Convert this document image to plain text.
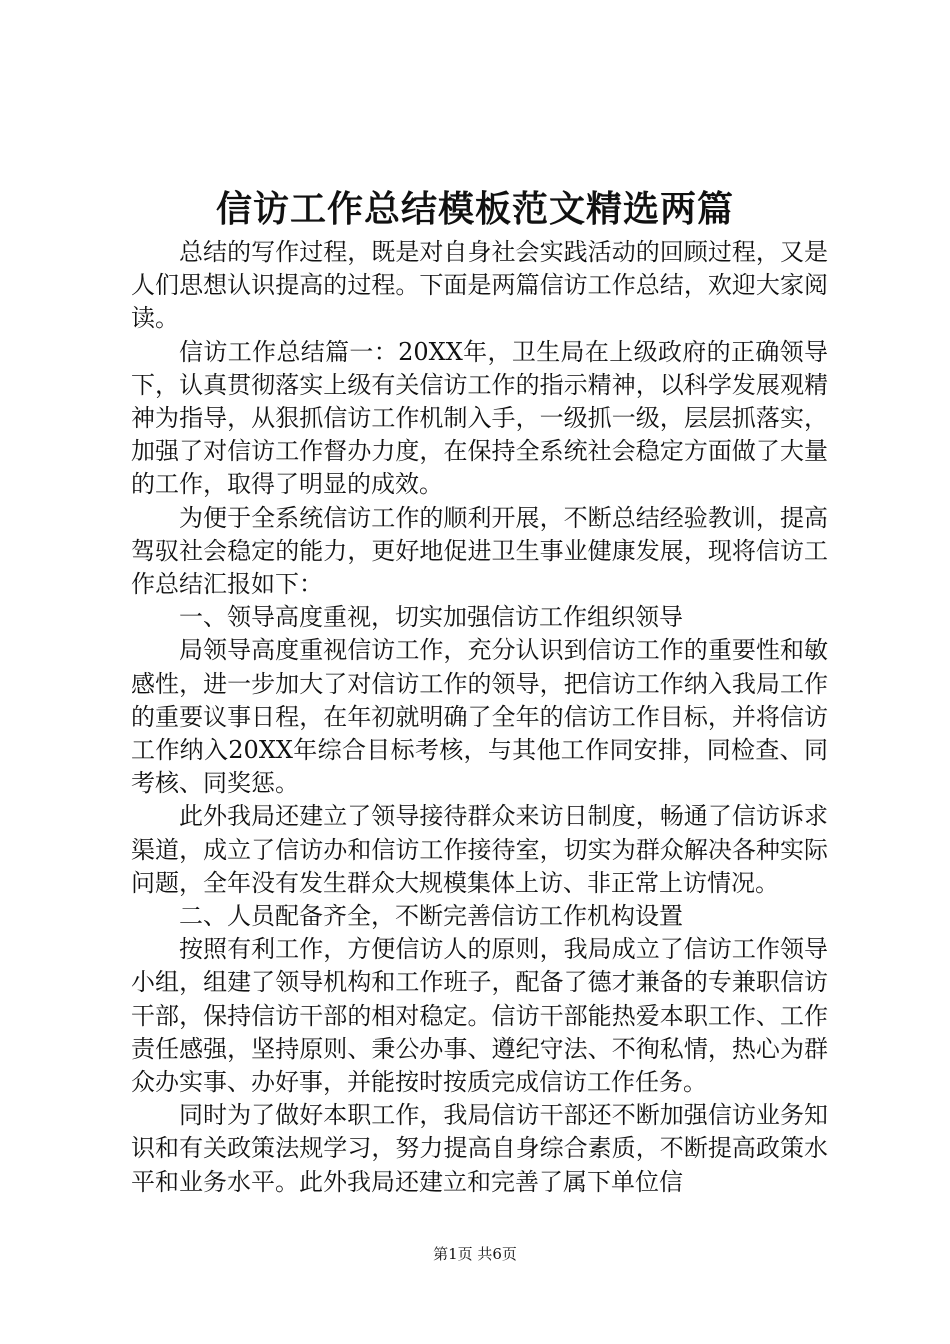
信访工作总结模板范文精选两篇

总结的写作过程，既是对自身社会实践活动的回顾过程，又是人们思想认识提高的过程。下面是两篇信访工作总结，欢迎大家阅读。

信访工作总结篇一：20XX年，卫生局在上级政府的正确领导下，认真贯彻落实上级有关信访工作的指示精神，以科学发展观精神为指导，从狠抓信访工作机制入手，一级抓一级，层层抓落实，加强了对信访工作督办力度，在保持全系统社会稳定方面做了大量的工作，取得了明显的成效。

为便于全系统信访工作的顺利开展，不断总结经验教训，提高驾驭社会稳定的能力，更好地促进卫生事业健康发展，现将信访工作总结汇报如下：

一、领导高度重视，切实加强信访工作组织领导

局领导高度重视信访工作，充分认识到信访工作的重要性和敏感性，进一步加大了对信访工作的领导，把信访工作纳入我局工作的重要议事日程，在年初就明确了全年的信访工作目标，并将信访工作纳入20XX年综合目标考核，与其他工作同安排，同检查、同考核、同奖惩。

此外我局还建立了领导接待群众来访日制度，畅通了信访诉求渠道，成立了信访办和信访工作接待室，切实为群众解决各种实际问题，全年没有发生群众大规模集体上访、非正常上访情况。

二、人员配备齐全，不断完善信访工作机构设置

按照有利工作，方便信访人的原则，我局成立了信访工作领导小组，组建了领导机构和工作班子，配备了德才兼备的专兼职信访干部，保持信访干部的相对稳定。信访干部能热爱本职工作、工作责任感强，坚持原则、秉公办事、遵纪守法、不徇私情，热心为群众办实事、办好事，并能按时按质完成信访工作任务。

同时为了做好本职工作，我局信访干部还不断加强信访业务知识和有关政策法规学习，努力提高自身综合素质，不断提高政策水平和业务水平。此外我局还建立和完善了属下单位信

第1页 共6页
